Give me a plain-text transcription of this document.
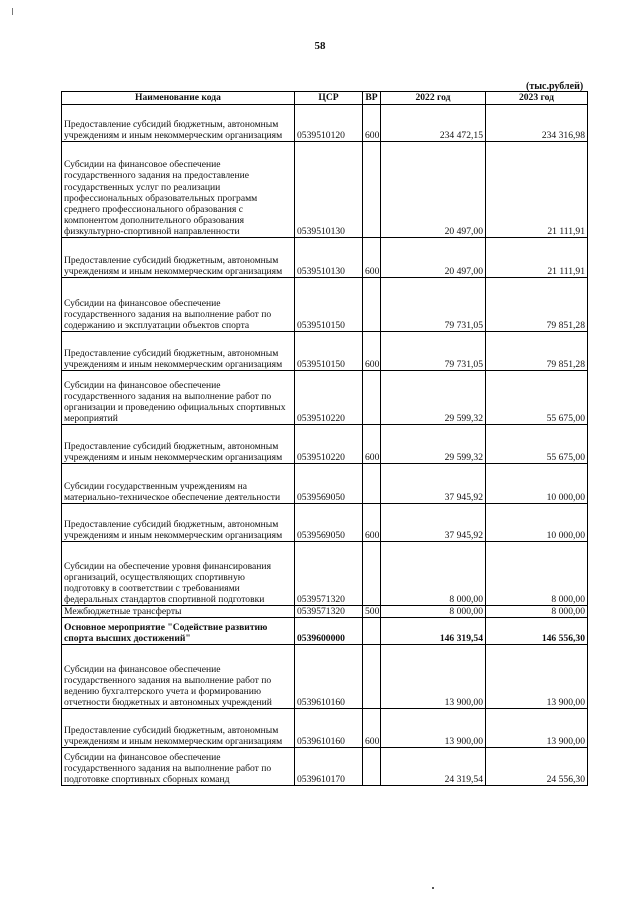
58
(тыс.рублей)
Наименование кода	ЦСР	ВР	2022 год	2023 год
Предоставление субсидий бюджетным, автономным учреждениям и иным некоммерческим организациям	0539510120	600	234 472,15	234 316,98
Субсидии на финансовое обеспечение государственного задания на предоставление государственных услуг по реализации профессиональных образовательных программ среднего профессионального образования с компонентом дополнительного образования физкультурно-спортивной направленности	0539510130		20 497,00	21 111,91
Предоставление субсидий бюджетным, автономным учреждениям и иным некоммерческим организациям	0539510130	600	20 497,00	21 111,91
Субсидии на финансовое обеспечение государственного задания на выполнение работ по содержанию и эксплуатации объектов спорта	0539510150		79 731,05	79 851,28
Предоставление субсидий бюджетным, автономным учреждениям и иным некоммерческим организациям	0539510150	600	79 731,05	79 851,28
Субсидии на финансовое обеспечение государственного задания на выполнение работ по организации и проведению официальных спортивных мероприятий	0539510220		29 599,32	55 675,00
Предоставление субсидий бюджетным, автономным учреждениям и иным некоммерческим организациям	0539510220	600	29 599,32	55 675,00
Субсидии государственным учреждениям на материально-техническое обеспечение деятельности	0539569050		37 945,92	10 000,00
Предоставление субсидий бюджетным, автономным учреждениям и иным некоммерческим организациям	0539569050	600	37 945,92	10 000,00
Субсидии на обеспечение уровня финансирования организаций, осуществляющих спортивную подготовку в соответствии с требованиями федеральных стандартов спортивной подготовки	0539571320		8 000,00	8 000,00
Межбюджетные трансферты	0539571320	500	8 000,00	8 000,00
Основное мероприятие "Содействие развитию спорта высших достижений"	0539600000		146 319,54	146 556,30
Субсидии на финансовое обеспечение государственного задания на выполнение работ по ведению бухгалтерского учета и формированию отчетности бюджетных и автономных учреждений	0539610160		13 900,00	13 900,00
Предоставление субсидий бюджетным, автономным учреждениям и иным некоммерческим организациям	0539610160	600	13 900,00	13 900,00
Субсидии на финансовое обеспечение государственного задания на выполнение работ по подготовке спортивных сборных команд	0539610170		24 319,54	24 556,30
